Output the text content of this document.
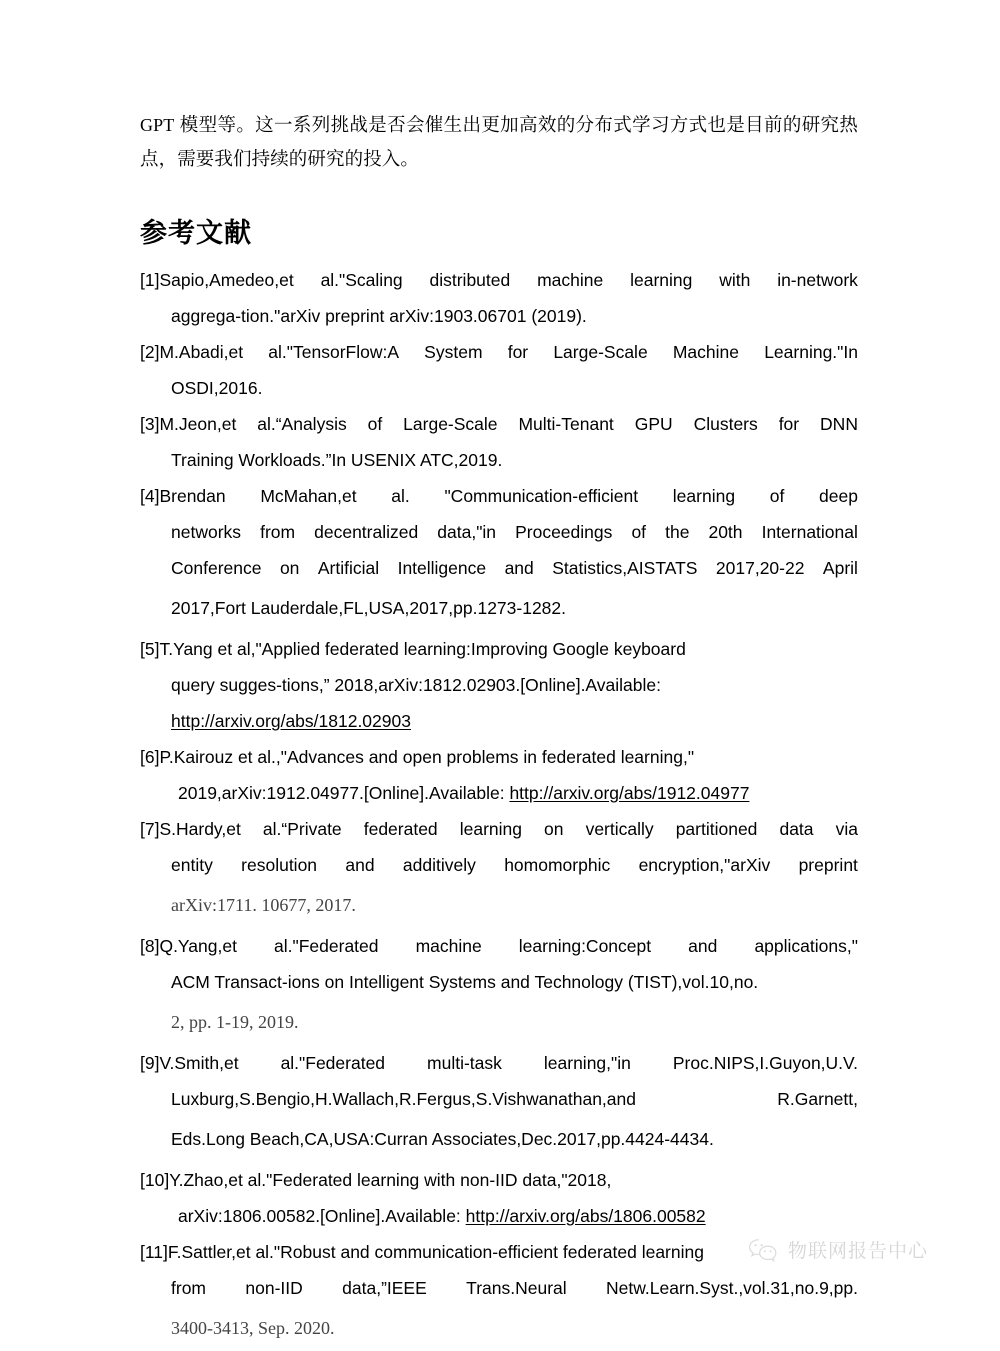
GPT 模型等。这一系列挑战是否会催生出更加高效的分布式学习方式也是目前的研究热点，需要我们持续的研究的投入。

参考文献
[1]Sapio,Amedeo,et al."Scaling distributed machine learning with in-network
aggrega-tion."arXiv preprint arXiv:1903.06701 (2019).
[2]M.Abadi,et al."TensorFlow:A System for Large-Scale Machine Learning."In
OSDI,2016.
[3]M.Jeon,et al.“Analysis of Large-Scale Multi-Tenant GPU Clusters for DNN
Training Workloads.”In USENIX ATC,2019.
[4]Brendan McMahan,et al. "Communication-efficient learning of deep
networks from decentralized data,"in Proceedings of the 20th International
Conference on Artificial Intelligence and Statistics,AISTATS 2017,20-22 April
2017,Fort Lauderdale,FL,USA,2017,pp.1273-1282.
[5]T.Yang et al,"Applied federated learning:Improving Google keyboard
query sugges-tions,” 2018,arXiv:1812.02903.[Online].Available:
http://arxiv.org/abs/1812.02903
[6]P.Kairouz et al.,"Advances and open problems in federated learning,"
2019,arXiv:1912.04977.[Online].Available: http://arxiv.org/abs/1912.04977
[7]S.Hardy,et al.“Private federated learning on vertically partitioned data via
entity resolution and additively homomorphic encryption,"arXiv preprint
arXiv:1711. 10677, 2017.
[8]Q.Yang,et al."Federated machine learning:Concept and applications,"
ACM Transact-ions on Intelligent Systems and Technology (TIST),vol.10,no.
2, pp. 1-19, 2019.
[9]V.Smith,et al."Federated multi-task learning,"in Proc.NIPS,I.Guyon,U.V.
Luxburg,S.Bengio,H.Wallach,R.Fergus,S.Vishwanathan,and	R.Garnett,
Eds.Long Beach,CA,USA:Curran Associates,Dec.2017,pp.4424-4434.
[10]Y.Zhao,et al."Federated learning with non-IID data,"2018,
arXiv:1806.00582.[Online].Available: http://arxiv.org/abs/1806.00582
[11]F.Sattler,et al."Robust and communication-efficient federated learning
from non-IID data,”IEEE Trans.Neural Netw.Learn.Syst.,vol.31,no.9,pp.
3400-3413, Sep. 2020.
物联网报告中心
